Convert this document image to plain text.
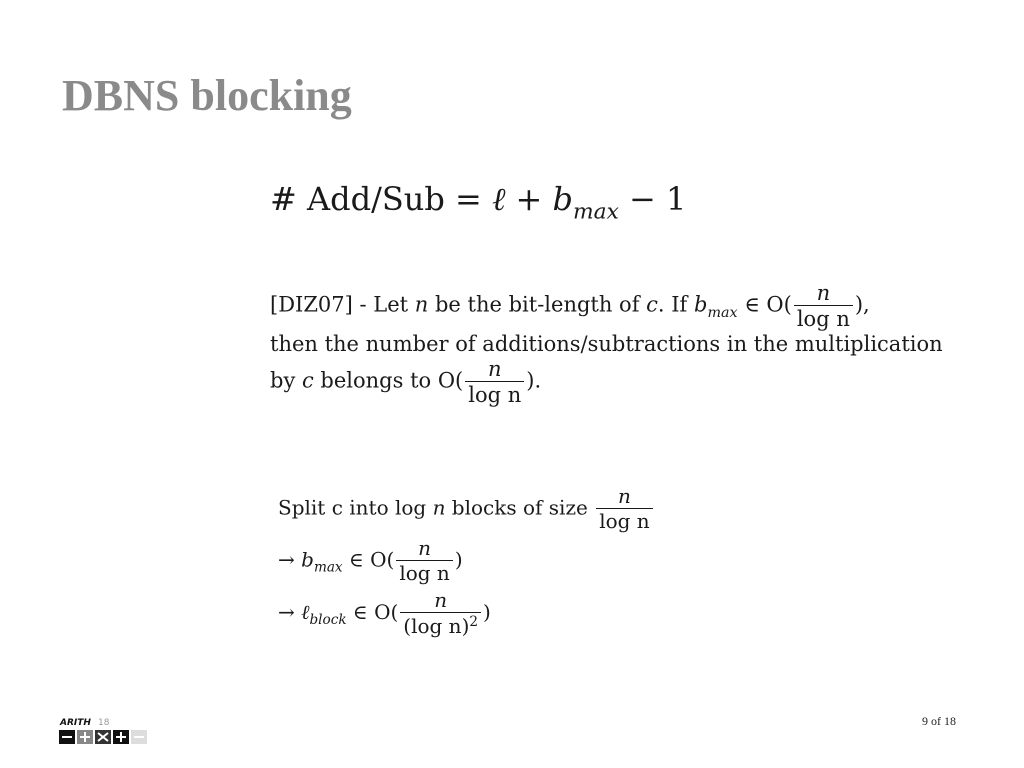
DBNS blocking
# Add/Sub = ℓ + $b_{max} - 1$
[DIZ07] - Let n be the bit-length of c. If $b_{max}$ ∈ $O( \frac{n}{\text{log n}}$ ),
then the number of additions/subtractions in the multiplication
by c belongs to $O( \frac{n}{\text{log n}}$ ).
Split c into log n blocks of size $\frac{n}{\text{log n}}$
→ $b_{max}$ ∈ $O( \frac{n}{\text{log n}}$ )
→ ℓ$_{block}$ ∈ $O( \frac{n}{(\log n)^2}$ )
ARITH 18	9 of 18
